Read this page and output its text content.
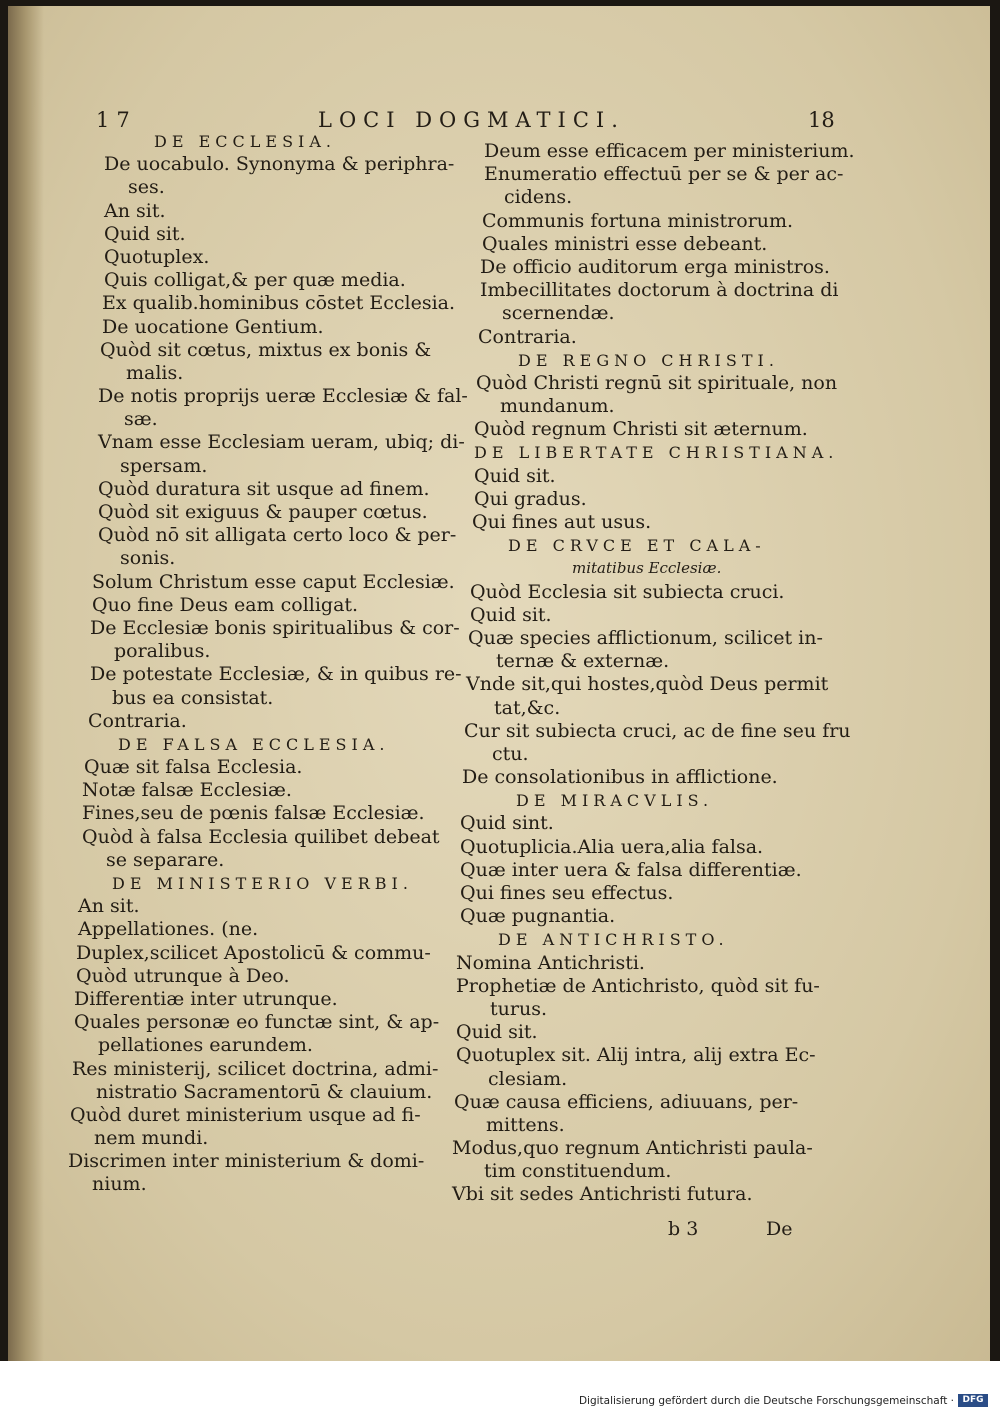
17	LOCI DOGMATICI.	18
DE ECCLESIA.
De uocabulo. Synonyma & periphra-
ses.
An sit.
Quid sit.
Quotuplex.
Quis colligat,& per quæ media.
Ex qualib.hominibus cōstet Ecclesia.
De uocatione Gentium.
Quòd sit cœtus, mixtus ex bonis &
malis.
De notis proprijs ueræ Ecclesiæ & fal-
sæ.
Vnam esse Ecclesiam ueram, ubiq; di-
spersam.
Quòd duratura sit usque ad finem.
Quòd sit exiguus & pauper cœtus.
Quòd nō sit alligata certo loco & per-
sonis.
Solum Christum esse caput Ecclesiæ.
Quo fine Deus eam colligat.
De Ecclesiæ bonis spiritualibus & cor-
poralibus.
De potestate Ecclesiæ, & in quibus re-
bus ea consistat.
Contraria.
DE FALSA ECCLESIA.
Quæ sit falsa Ecclesia.
Notæ falsæ Ecclesiæ.
Fines,seu de pœnis falsæ Ecclesiæ.
Quòd à falsa Ecclesia quilibet debeat
se separare.
DE MINISTERIO VERBI.
An sit.
Appellationes. (ne.
Duplex,scilicet Apostolicū & commu-
Quòd utrunque à Deo.
Differentiæ inter utrunque.
Quales personæ eo functæ sint, & ap-
pellationes earundem.
Res ministerij, scilicet doctrina, admi-
nistratio Sacramentorū & clauium.
Quòd duret ministerium usque ad fi-
nem mundi.
Discrimen inter ministerium & domi-
nium.
Deum esse efficacem per ministerium.
Enumeratio effectuū per se & per ac-
cidens.
Communis fortuna ministrorum.
Quales ministri esse debeant.
De officio auditorum erga ministros.
Imbecillitates doctorum à doctrina di
scernendæ.
Contraria.
DE REGNO CHRISTI.
Quòd Christi regnū sit spirituale, non
mundanum.
Quòd regnum Christi sit æternum.
DE LIBERTATE CHRISTIANA.
Quid sit.
Qui gradus.
Qui fines aut usus.
DE CRVCE ET CALA-
mitatibus Ecclesiæ.
Quòd Ecclesia sit subiecta cruci.
Quid sit.
Quæ species afflictionum, scilicet in-
ternæ & externæ.
Vnde sit,qui hostes,quòd Deus permit
tat,&c.
Cur sit subiecta cruci, ac de fine seu fru
ctu.
De consolationibus in afflictione.
DE MIRACVLIS.
Quid sint.
Quotuplicia.Alia uera,alia falsa.
Quæ inter uera & falsa differentiæ.
Qui fines seu effectus.
Quæ pugnantia.
DE ANTICHRISTO.
Nomina Antichristi.
Prophetiæ de Antichristo, quòd sit fu-
turus.
Quid sit.
Quotuplex sit. Alij intra, alij extra Ec-
clesiam.
Quæ causa efficiens, adiuuans, per-
mittens.
Modus,quo regnum Antichristi paula-
tim constituendum.
Vbi sit sedes Antichristi futura.
b 3	De
Digitalisierung gefördert durch die Deutsche Forschungsgemeinschaft · DFG
